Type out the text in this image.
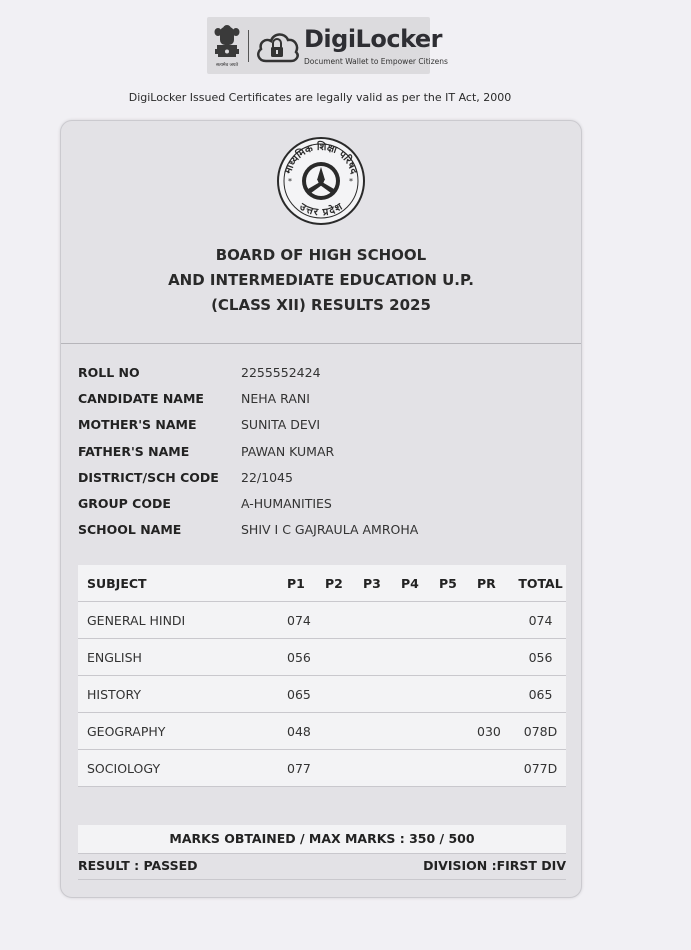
सत्यमेव जयते
DigiLocker
Document Wallet to Empower Citizens
DigiLocker Issued Certificates are legally valid as per the IT Act, 2000
माध्यमिक शिक्षा परिषद
उत्तर प्रदेश
*	*
BOARD OF HIGH SCHOOL
AND INTERMEDIATE EDUCATION U.P.
(CLASS XII) RESULTS 2025
ROLL NO	2255552424
CANDIDATE NAME	NEHA RANI
MOTHER'S NAME	SUNITA DEVI
FATHER'S NAME	PAWAN KUMAR
DISTRICT/SCH CODE 22/1045
GROUP CODE	A-HUMANITIES
SCHOOL NAME	SHIV I C GAJRAULA AMROHA
SUBJECT	P1	P2	P3	P4	P5	PR	TOTAL
GENERAL HINDI	074						074
ENGLISH	056						056
HISTORY	065						065
GEOGRAPHY	048					030	078D
SOCIOLOGY	077						077D
MARKS OBTAINED / MAX MARKS : 350 / 500
RESULT : PASSED	DIVISION :FIRST DIV
